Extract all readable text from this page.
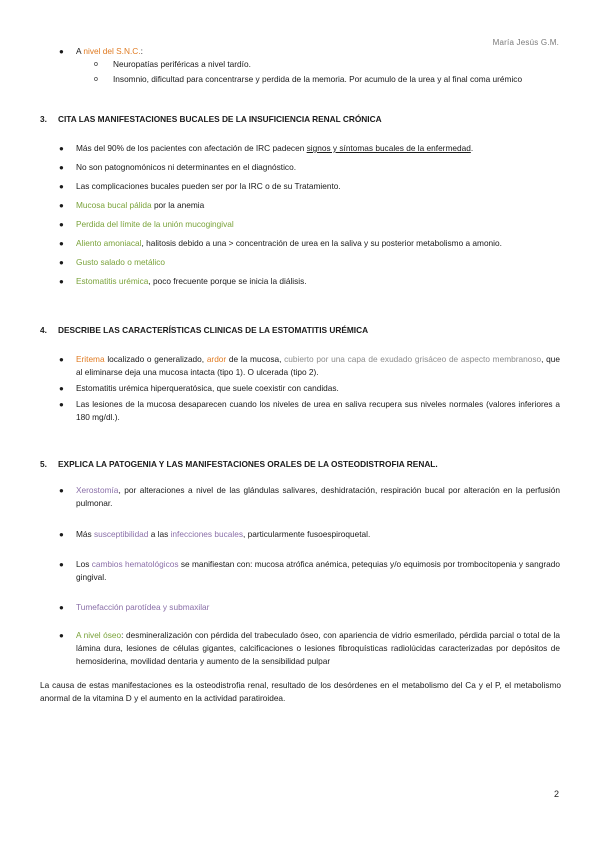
María Jesús G.M.
● A nivel del S.N.C.:
o Neuropatías periféricas a nivel tardío.
o Insomnio, dificultad para concentrarse y perdida de la memoria. Por acumulo de la urea y al final coma urémico
3. CITA LAS MANIFESTACIONES BUCALES DE LA INSUFICIENCIA RENAL CRÓNICA
● Más del 90% de los pacientes con afectación de IRC padecen signos y síntomas bucales de la enfermedad.
● No son patognomónicos ni determinantes en el diagnóstico.
● Las complicaciones bucales pueden ser por la IRC o de su Tratamiento.
● Mucosa bucal pálida por la anemia
● Perdida del límite de la unión mucogingival
● Aliento amoniacal, halitosis debido a una > concentración de urea en la saliva y su posterior metabolismo a amonio.
● Gusto salado o metálico
● Estomatitis urémica, poco frecuente porque se inicia la diálisis.
4. DESCRIBE LAS CARACTERÍSTICAS CLINICAS DE LA ESTOMATITIS URÉMICA
● Eritema localizado o generalizado, ardor de la mucosa, cubierto por una capa de exudado grisáceo de aspecto membranoso, que al eliminarse deja una mucosa intacta (tipo 1). O ulcerada (tipo 2).
● Estomatitis urémica hiperqueratósica, que suele coexistir con candidas.
● Las lesiones de la mucosa desaparecen cuando los niveles de urea en saliva recupera sus niveles normales (valores inferiores a 180 mg/dl.).
5. EXPLICA LA PATOGENIA Y LAS MANIFESTACIONES ORALES DE LA OSTEODISTROFIA RENAL.
● Xerostomía, por alteraciones a nivel de las glándulas salivares, deshidratación, respiración bucal por alteración en la perfusión pulmonar.
● Más susceptibilidad a las infecciones bucales, particularmente fusoespiroquetal.
● Los cambios hematológicos se manifiestan con: mucosa atrófica anémica, petequias y/o equimosis por trombocitopenia y sangrado gingival.
● Tumefacción parotídea y submaxilar
● A nivel óseo: desmineralización con pérdida del trabeculado óseo, con apariencia de vidrio esmerilado, pérdida parcial o total de la lámina dura, lesiones de células gigantes, calcificaciones o lesiones fibroquísticas radiolúcidas caracterizadas por depósitos de hemosiderina, movilidad dentaria y aumento de la sensibilidad pulpar
La causa de estas manifestaciones es la osteodistrofia renal, resultado de los desórdenes en el metabolismo del Ca y el P, el metabolismo anormal de la vitamina D y el aumento en la actividad paratiroidea.
2
